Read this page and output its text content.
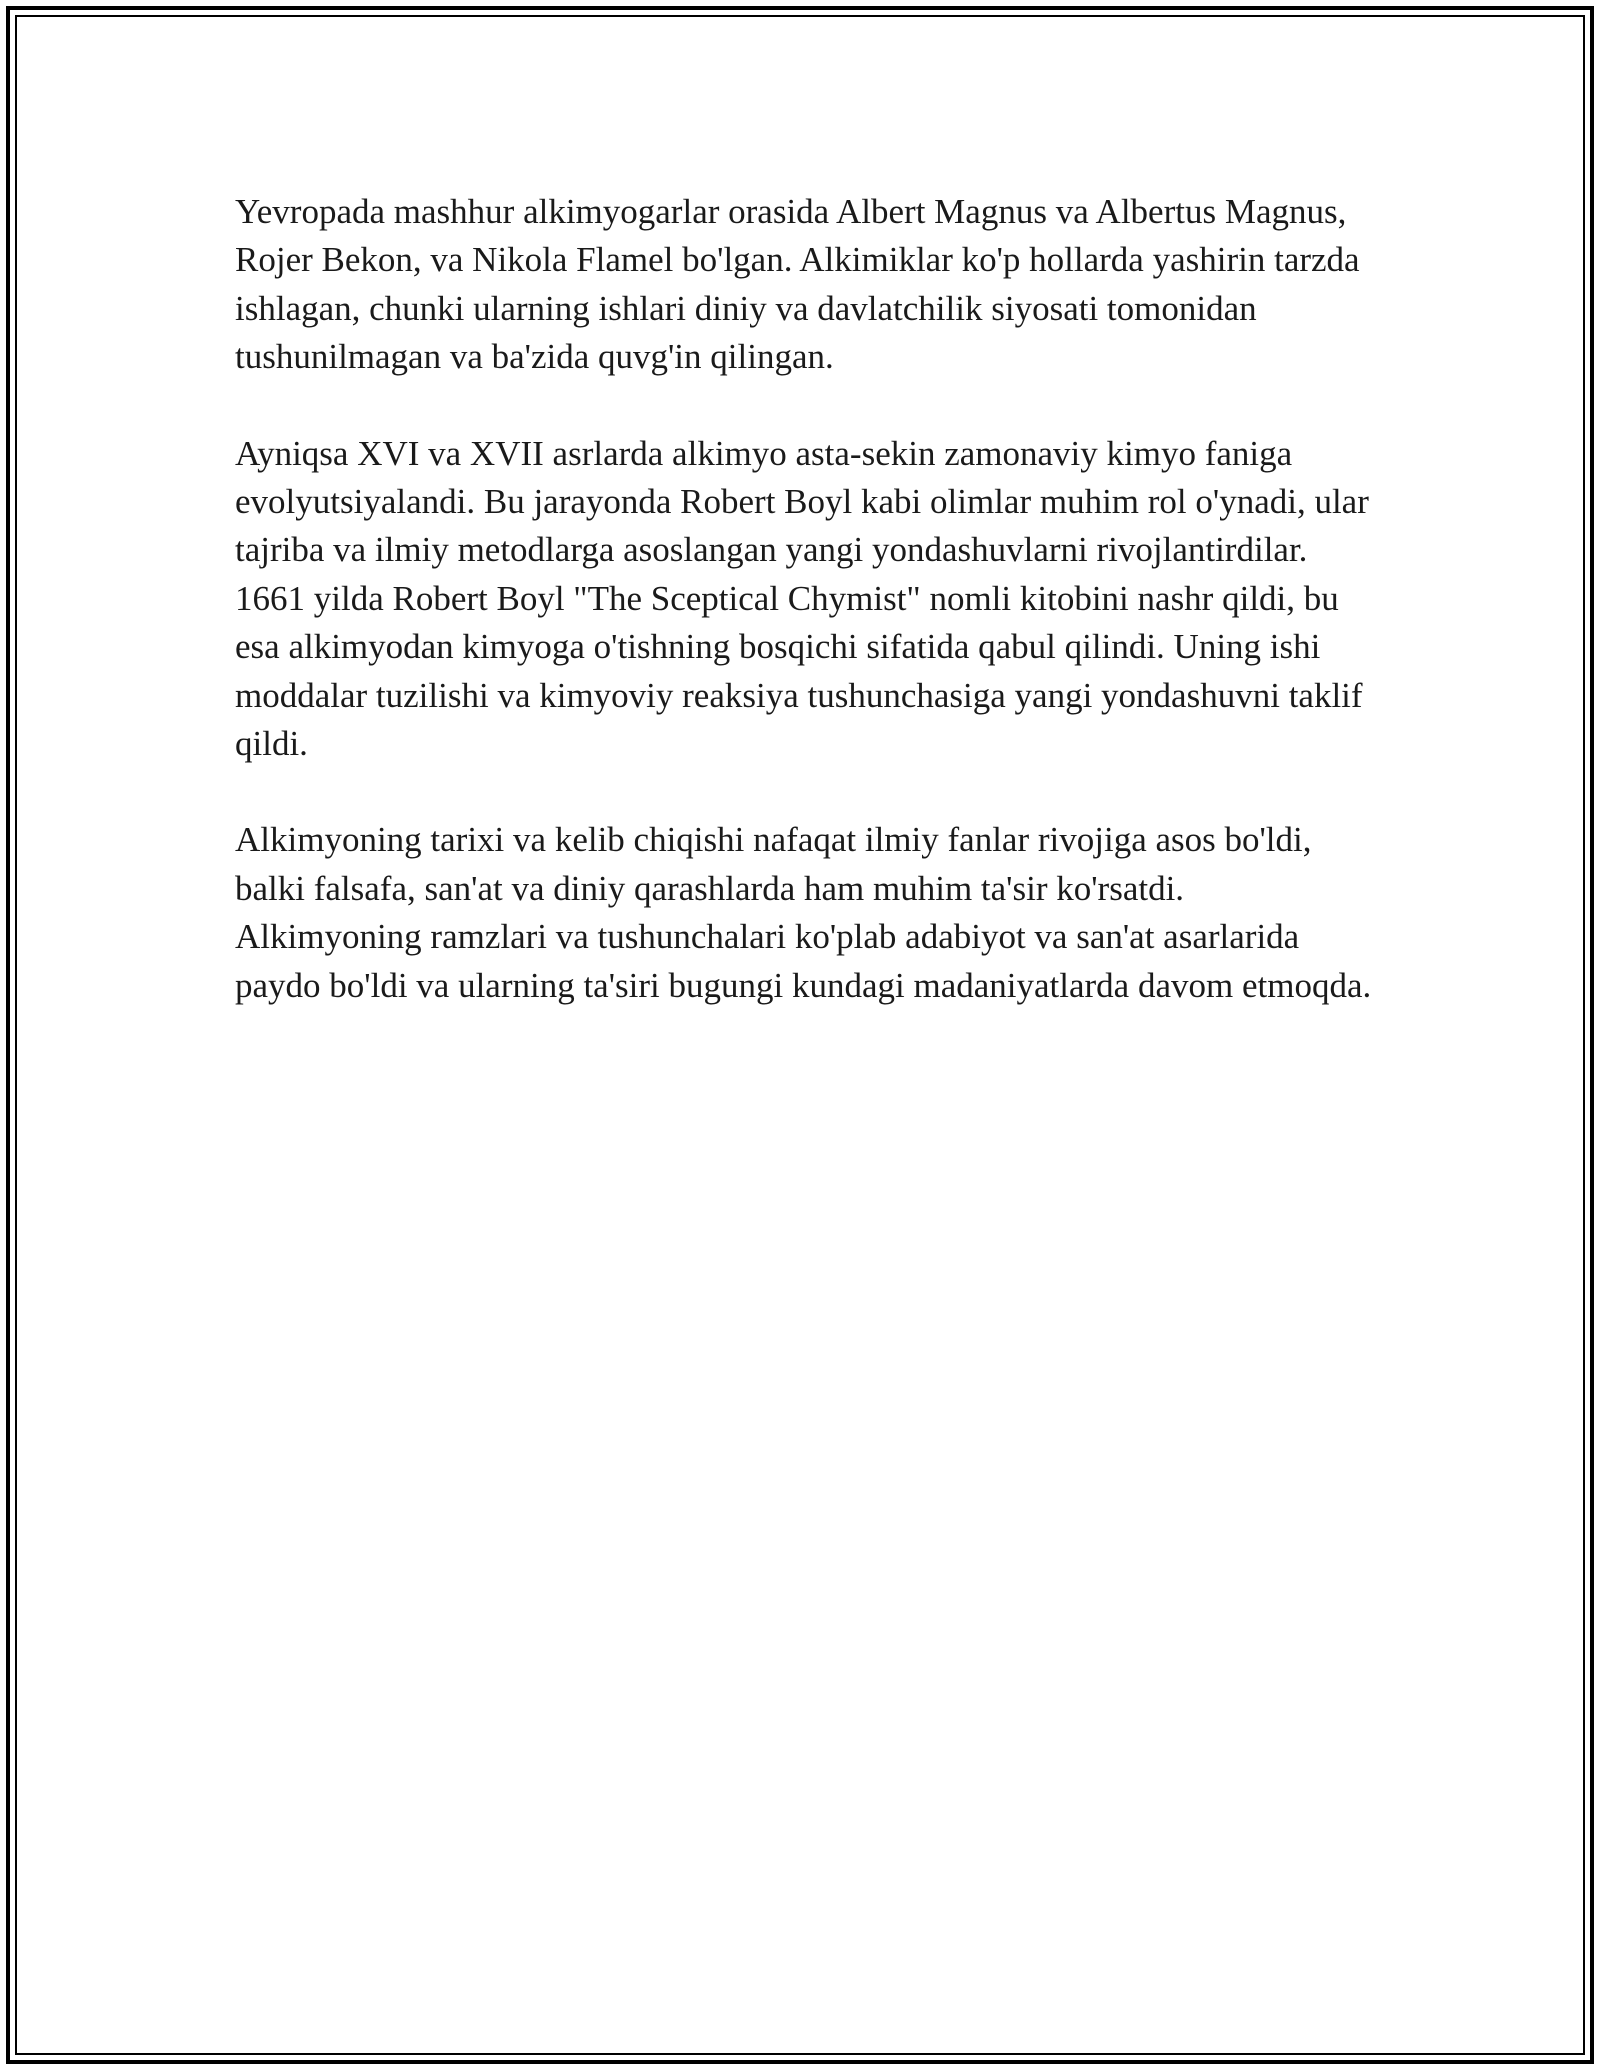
Yevropada mashhur alkimyogarlar orasida Albert Magnus va Albertus Magnus, Rojer Bekon, va Nikola Flamel bo'lgan. Alkimiklar ko'p hollarda yashirin tarzda ishlagan, chunki ularning ishlari diniy va davlatchilik siyosati tomonidan tushunilmagan va ba'zida quvg'in qilingan.

Ayniqsa XVI va XVII asrlarda alkimyo asta-sekin zamonaviy kimyo faniga evolyutsiyalandi. Bu jarayonda Robert Boyl kabi olimlar muhim rol o'ynadi, ular tajriba va ilmiy metodlarga asoslangan yangi yondashuvlarni rivojlantirdilar. 1661 yilda Robert Boyl "The Sceptical Chymist" nomli kitobini nashr qildi, bu esa alkimyodan kimyoga o'tishning bosqichi sifatida qabul qilindi. Uning ishi moddalar tuzilishi va kimyoviy reaksiya tushunchasiga yangi yondashuvni taklif qildi.

Alkimyoning tarixi va kelib chiqishi nafaqat ilmiy fanlar rivojiga asos bo'ldi, balki falsafa, san'at va diniy qarashlarda ham muhim ta'sir ko'rsatdi. Alkimyoning ramzlari va tushunchalari ko'plab adabiyot va san'at asarlarida paydo bo'ldi va ularning ta'siri bugungi kundagi madaniyatlarda davom etmoqda.
